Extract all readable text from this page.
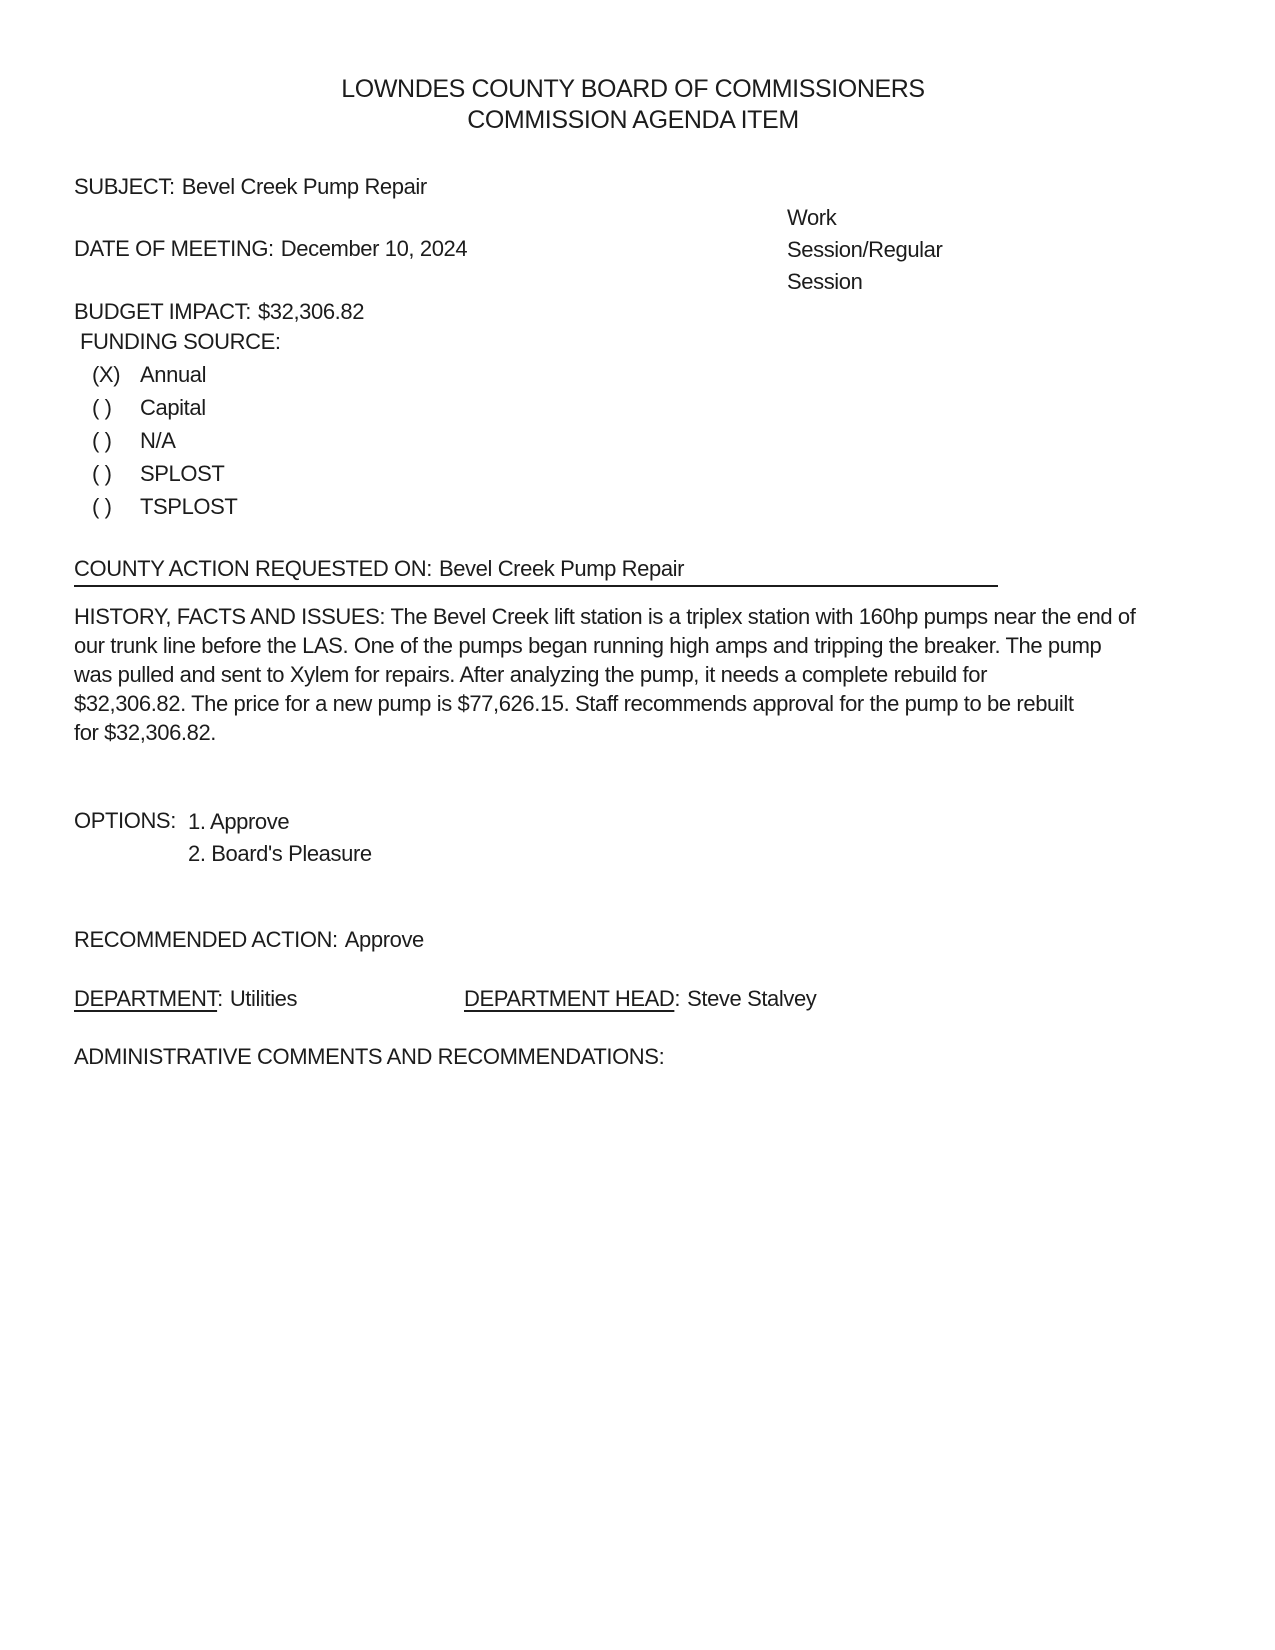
LOWNDES COUNTY BOARD OF COMMISSIONERS
COMMISSION AGENDA ITEM
SUBJECT: Bevel Creek Pump Repair
Work
Session/Regular
Session
DATE OF MEETING: December 10, 2024
BUDGET IMPACT: $32,306.82
FUNDING SOURCE:
(X) Annual
( ) Capital
( ) N/A
( ) SPLOST
( ) TSPLOST
COUNTY ACTION REQUESTED ON: Bevel Creek Pump Repair
HISTORY, FACTS AND ISSUES: The Bevel Creek lift station is a triplex station with 160hp pumps near the end of
our trunk line before the LAS. One of the pumps began running high amps and tripping the breaker. The pump
was pulled and sent to Xylem for repairs. After analyzing the pump, it needs a complete rebuild for
$32,306.82. The price for a new pump is $77,626.15. Staff recommends approval for the pump to be rebuilt
for $32,306.82.
OPTIONS: 1. Approve
2. Board's Pleasure
RECOMMENDED ACTION: Approve
DEPARTMENT: Utilities	DEPARTMENT HEAD: Steve Stalvey
ADMINISTRATIVE COMMENTS AND RECOMMENDATIONS:
